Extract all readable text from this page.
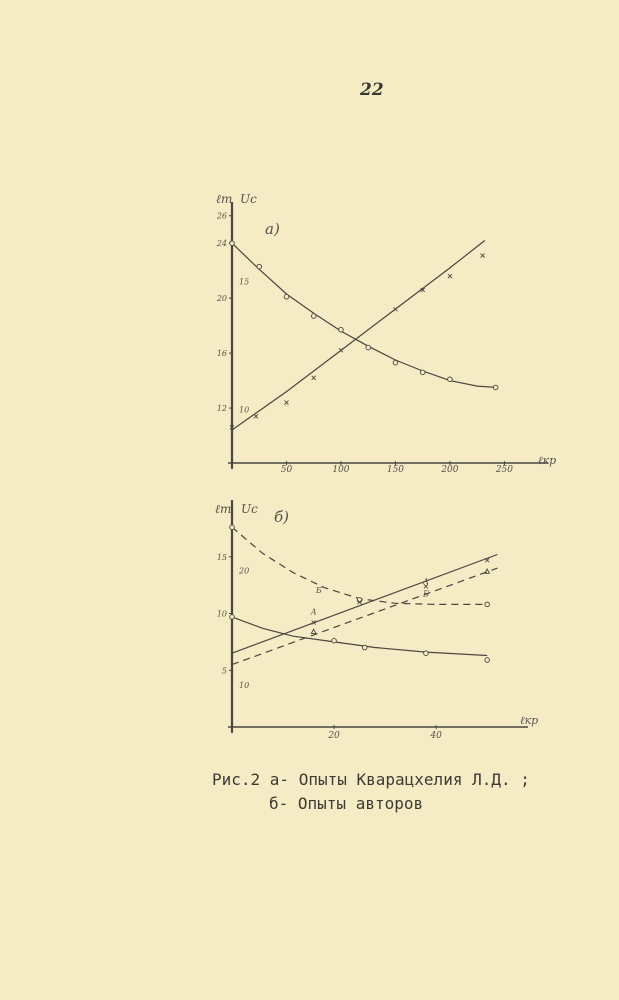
22
ℓт Uс
ℓкр
а)
50	100	150	200	250
12
16
20
24
26
10
15
ℓт Uс
ℓкр
б)
20	40
5
10
15
10
20
Б
А
А
Б
Рис.2 а- Опыты Кварацхелия Л.Д. ;
б- Опыты авторов
